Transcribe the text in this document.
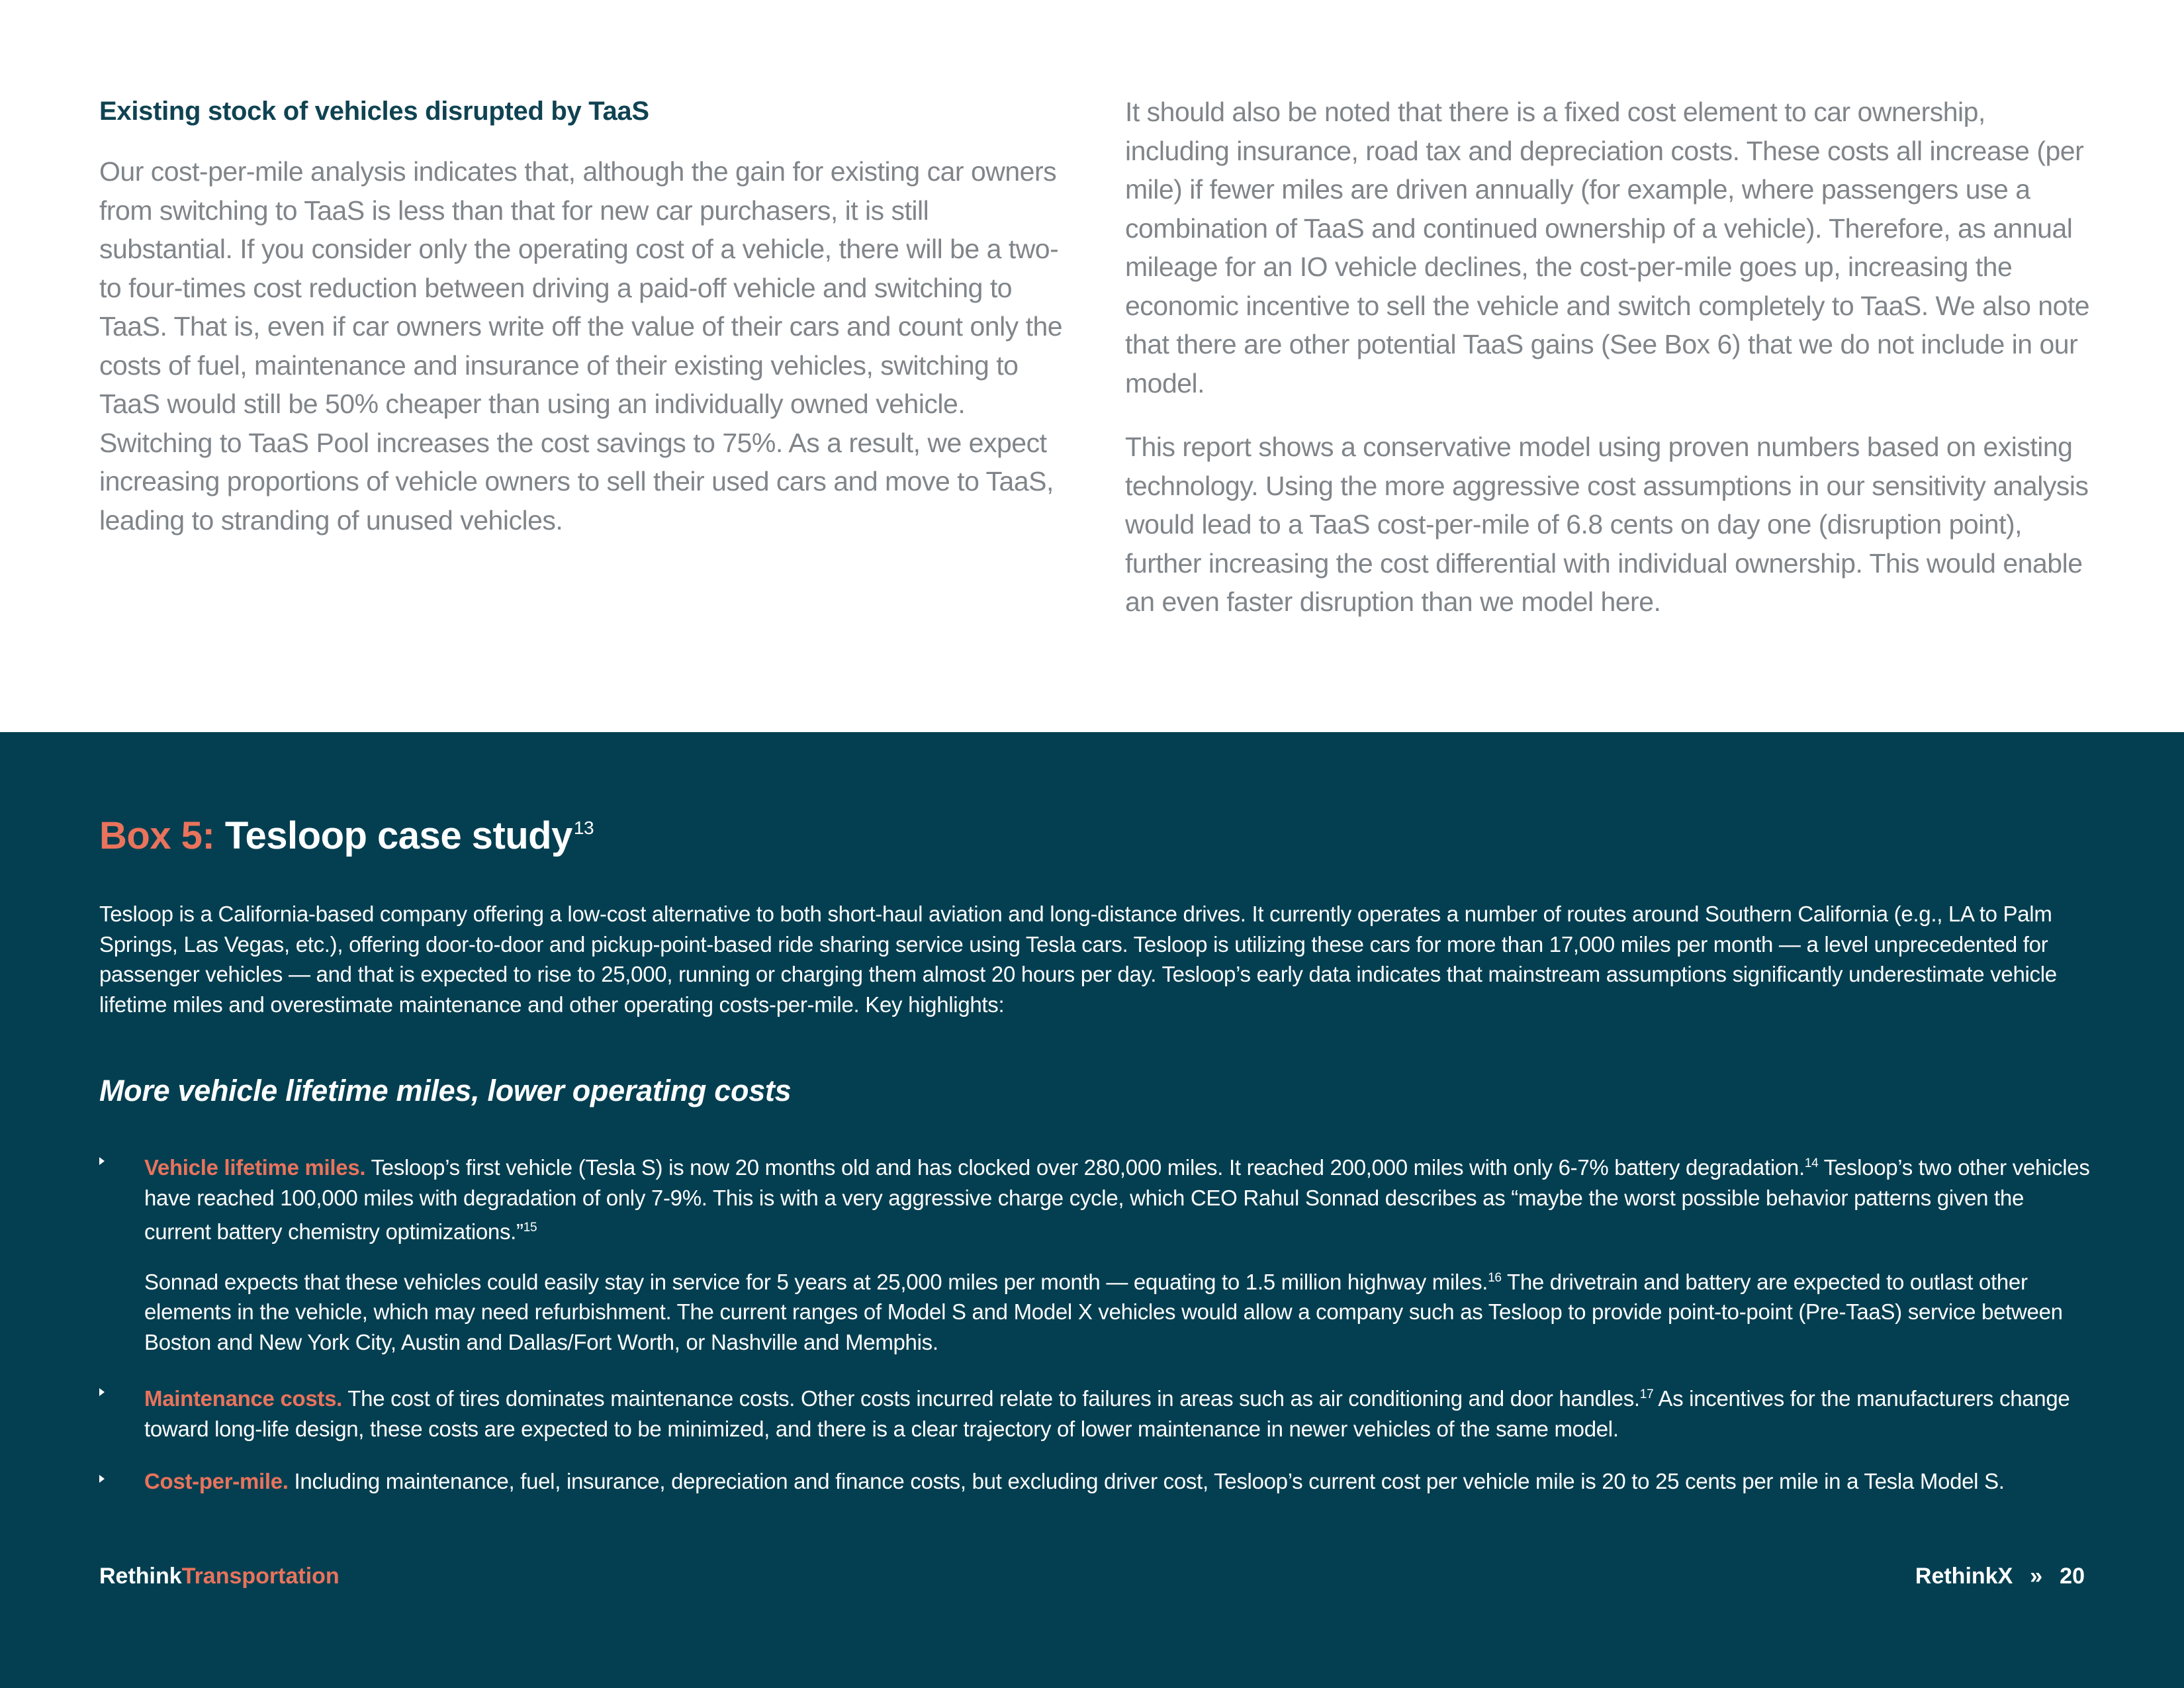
Existing stock of vehicles disrupted by TaaS

Our cost-per-mile analysis indicates that, although the gain for existing car owners from switching to TaaS is less than that for new car purchasers, it is still substantial. If you consider only the operating cost of a vehicle, there will be a two- to four-times cost reduction between driving a paid-off vehicle and switching to TaaS. That is, even if car owners write off the value of their cars and count only the costs of fuel, maintenance and insurance of their existing vehicles, switching to TaaS would still be 50% cheaper than using an individually owned vehicle. Switching to TaaS Pool increases the cost savings to 75%. As a result, we expect increasing proportions of vehicle owners to sell their used cars and move to TaaS, leading to stranding of unused vehicles.

It should also be noted that there is a fixed cost element to car ownership, including insurance, road tax and depreciation costs. These costs all increase (per mile) if fewer miles are driven annually (for example, where passengers use a combination of TaaS and continued ownership of a vehicle). Therefore, as annual mileage for an IO vehicle declines, the cost-per-mile goes up, increasing the economic incentive to sell the vehicle and switch completely to TaaS. We also note that there are other potential TaaS gains (See Box 6) that we do not include in our model.

This report shows a conservative model using proven numbers based on existing technology. Using the more aggressive cost assumptions in our sensitivity analysis would lead to a TaaS cost-per-mile of 6.8 cents on day one (disruption point), further increasing the cost differential with individual ownership. This would enable an even faster disruption than we model here.

Box 5: Tesloop case study$^{13}$

Tesloop is a California-based company offering a low-cost alternative to both short-haul aviation and long-distance drives. It currently operates a number of routes around Southern California (e.g., LA to Palm Springs, Las Vegas, etc.), offering door-to-door and pickup-point-based ride sharing service using Tesla cars. Tesloop is utilizing these cars for more than 17,000 miles per month — a level unprecedented for passenger vehicles — and that is expected to rise to 25,000, running or charging them almost 20 hours per day. Tesloop’s early data indicates that mainstream assumptions significantly underestimate vehicle lifetime miles and overestimate maintenance and other operating costs-per-mile. Key highlights:

More vehicle lifetime miles, lower operating costs

Vehicle lifetime miles. Tesloop’s first vehicle (Tesla S) is now 20 months old and has clocked over 280,000 miles. It reached 200,000 miles with only 6-7% battery degradation.$^{14}$ Tesloop’s two other vehicles have reached 100,000 miles with degradation of only 7-9%. This is with a very aggressive charge cycle, which CEO Rahul Sonnad describes as “maybe the worst possible behavior patterns given the current battery chemistry optimizations.”$^{15}$

Sonnad expects that these vehicles could easily stay in service for 5 years at 25,000 miles per month — equating to 1.5 million highway miles.$^{16}$ The drivetrain and battery are expected to outlast other elements in the vehicle, which may need refurbishment. The current ranges of Model S and Model X vehicles would allow a company such as Tesloop to provide point-to-point (Pre-TaaS) service between Boston and New York City, Austin and Dallas/Fort Worth, or Nashville and Memphis.

Maintenance costs. The cost of tires dominates maintenance costs. Other costs incurred relate to failures in areas such as air conditioning and door handles.$^{17}$ As incentives for the manufacturers change toward long-life design, these costs are expected to be minimized, and there is a clear trajectory of lower maintenance in newer vehicles of the same model.

Cost-per-mile. Including maintenance, fuel, insurance, depreciation and finance costs, but excluding driver cost, Tesloop’s current cost per vehicle mile is 20 to 25 cents per mile in a Tesla Model S.

RethinkTransportation	RethinkX » 20
